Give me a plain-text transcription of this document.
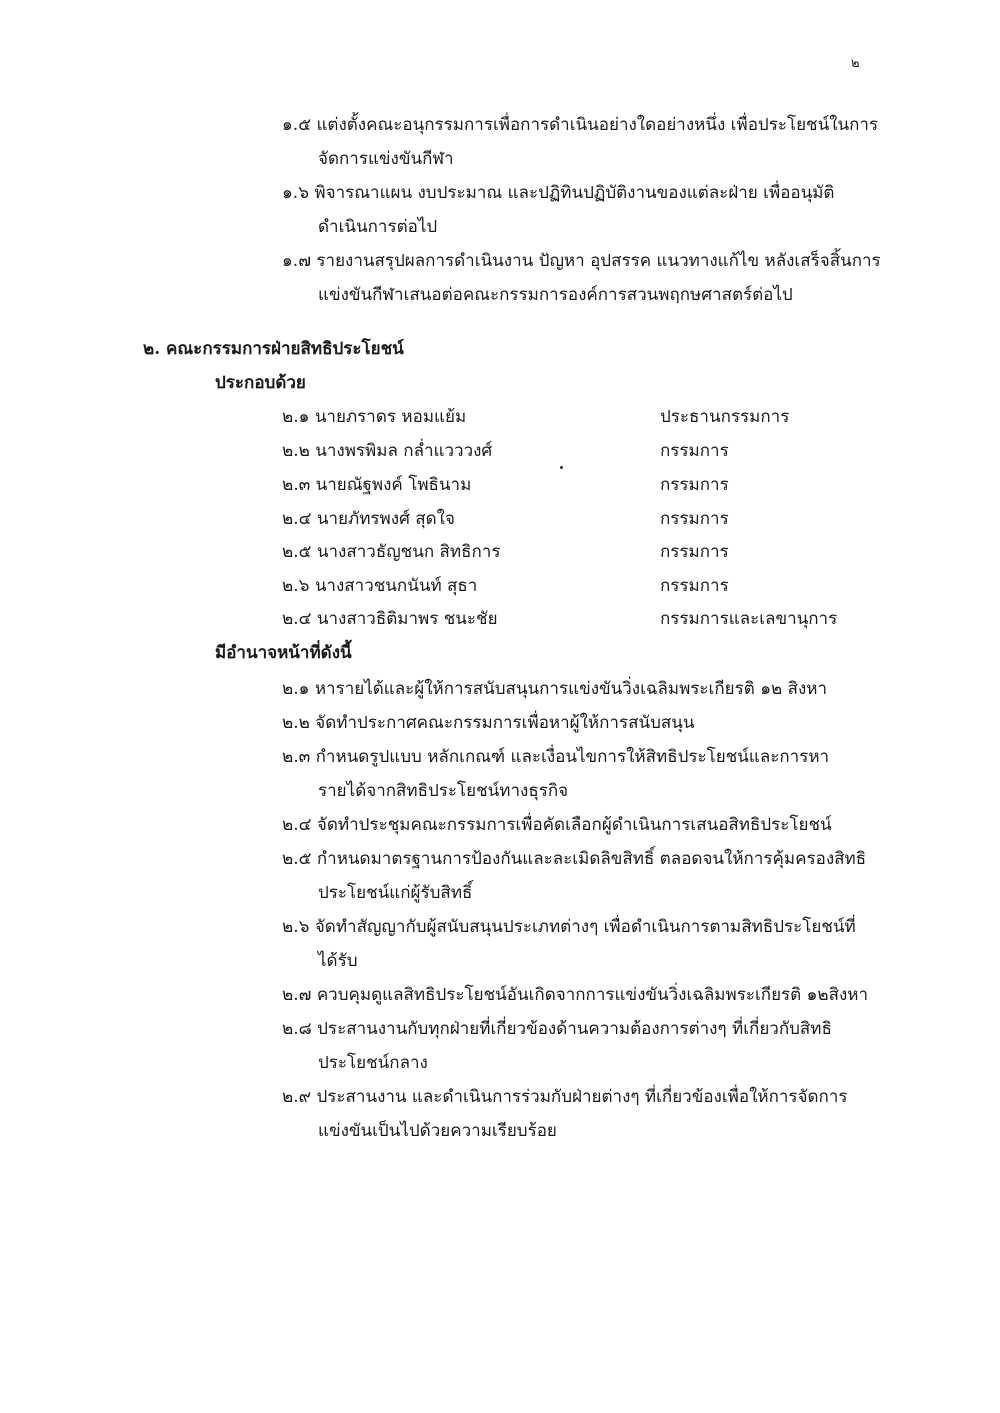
๒
๑.๕ แต่งตั้งคณะอนุกรรมการเพื่อการดำเนินอย่างใดอย่างหนึ่ง เพื่อประโยชน์ในการ
จัดการแข่งขันกีฬา
๑.๖ พิจารณาแผน งบประมาณ และปฏิทินปฏิบัติงานของแต่ละฝ่าย เพื่ออนุมัติ
ดำเนินการต่อไป
๑.๗ รายงานสรุปผลการดำเนินงาน ปัญหา อุปสรรค แนวทางแก้ไข หลังเสร็จสิ้นการ
แข่งขันกีฬาเสนอต่อคณะกรรมการองค์การสวนพฤกษศาสตร์ต่อไป
๒. คณะกรรมการฝ่ายสิทธิประโยชน์
ประกอบด้วย
๒.๑ นายภราดร หอมแย้ม	ประธานกรรมการ
๒.๒ นางพรพิมล กล่ำแวววงศ์	กรรมการ
๒.๓ นายณัฐพงค์ โพธินาม	กรรมการ
๒.๔ นายภัทรพงศ์ สุดใจ	กรรมการ
๒.๕ นางสาวธัญชนก สิทธิการ	กรรมการ
๒.๖ นางสาวชนกนันท์ สุธา	กรรมการ
๒.๔ นางสาวธิติมาพร ชนะชัย	กรรมการและเลขานุการ
มีอำนาจหน้าที่ดังนี้
๒.๑ หารายได้และผู้ให้การสนับสนุนการแข่งขันวิ่งเฉลิมพระเกียรติ ๑๒ สิงหา
๒.๒ จัดทำประกาศคณะกรรมการเพื่อหาผู้ให้การสนับสนุน
๒.๓ กำหนดรูปแบบ หลักเกณฑ์ และเงื่อนไขการให้สิทธิประโยชน์และการหา
รายได้จากสิทธิประโยชน์ทางธุรกิจ
๒.๔ จัดทำประชุมคณะกรรมการเพื่อคัดเลือกผู้ดำเนินการเสนอสิทธิประโยชน์
๒.๕ กำหนดมาตรฐานการป้องกันและละเมิดลิขสิทธิ์ ตลอดจนให้การคุ้มครองสิทธิ
ประโยชน์แก่ผู้รับสิทธิ์
๒.๖ จัดทำสัญญากับผู้สนับสนุนประเภทต่างๆ เพื่อดำเนินการตามสิทธิประโยชน์ที่
ได้รับ
๒.๗ ควบคุมดูแลสิทธิประโยชน์อันเกิดจากการแข่งขันวิ่งเฉลิมพระเกียรติ ๑๒สิงหา
๒.๘ ประสานงานกับทุกฝ่ายที่เกี่ยวข้องด้านความต้องการต่างๆ ที่เกี่ยวกับสิทธิ
ประโยชน์กลาง
๒.๙ ประสานงาน และดำเนินการร่วมกับฝ่ายต่างๆ ที่เกี่ยวข้องเพื่อให้การจัดการ
แข่งขันเป็นไปด้วยความเรียบร้อย
